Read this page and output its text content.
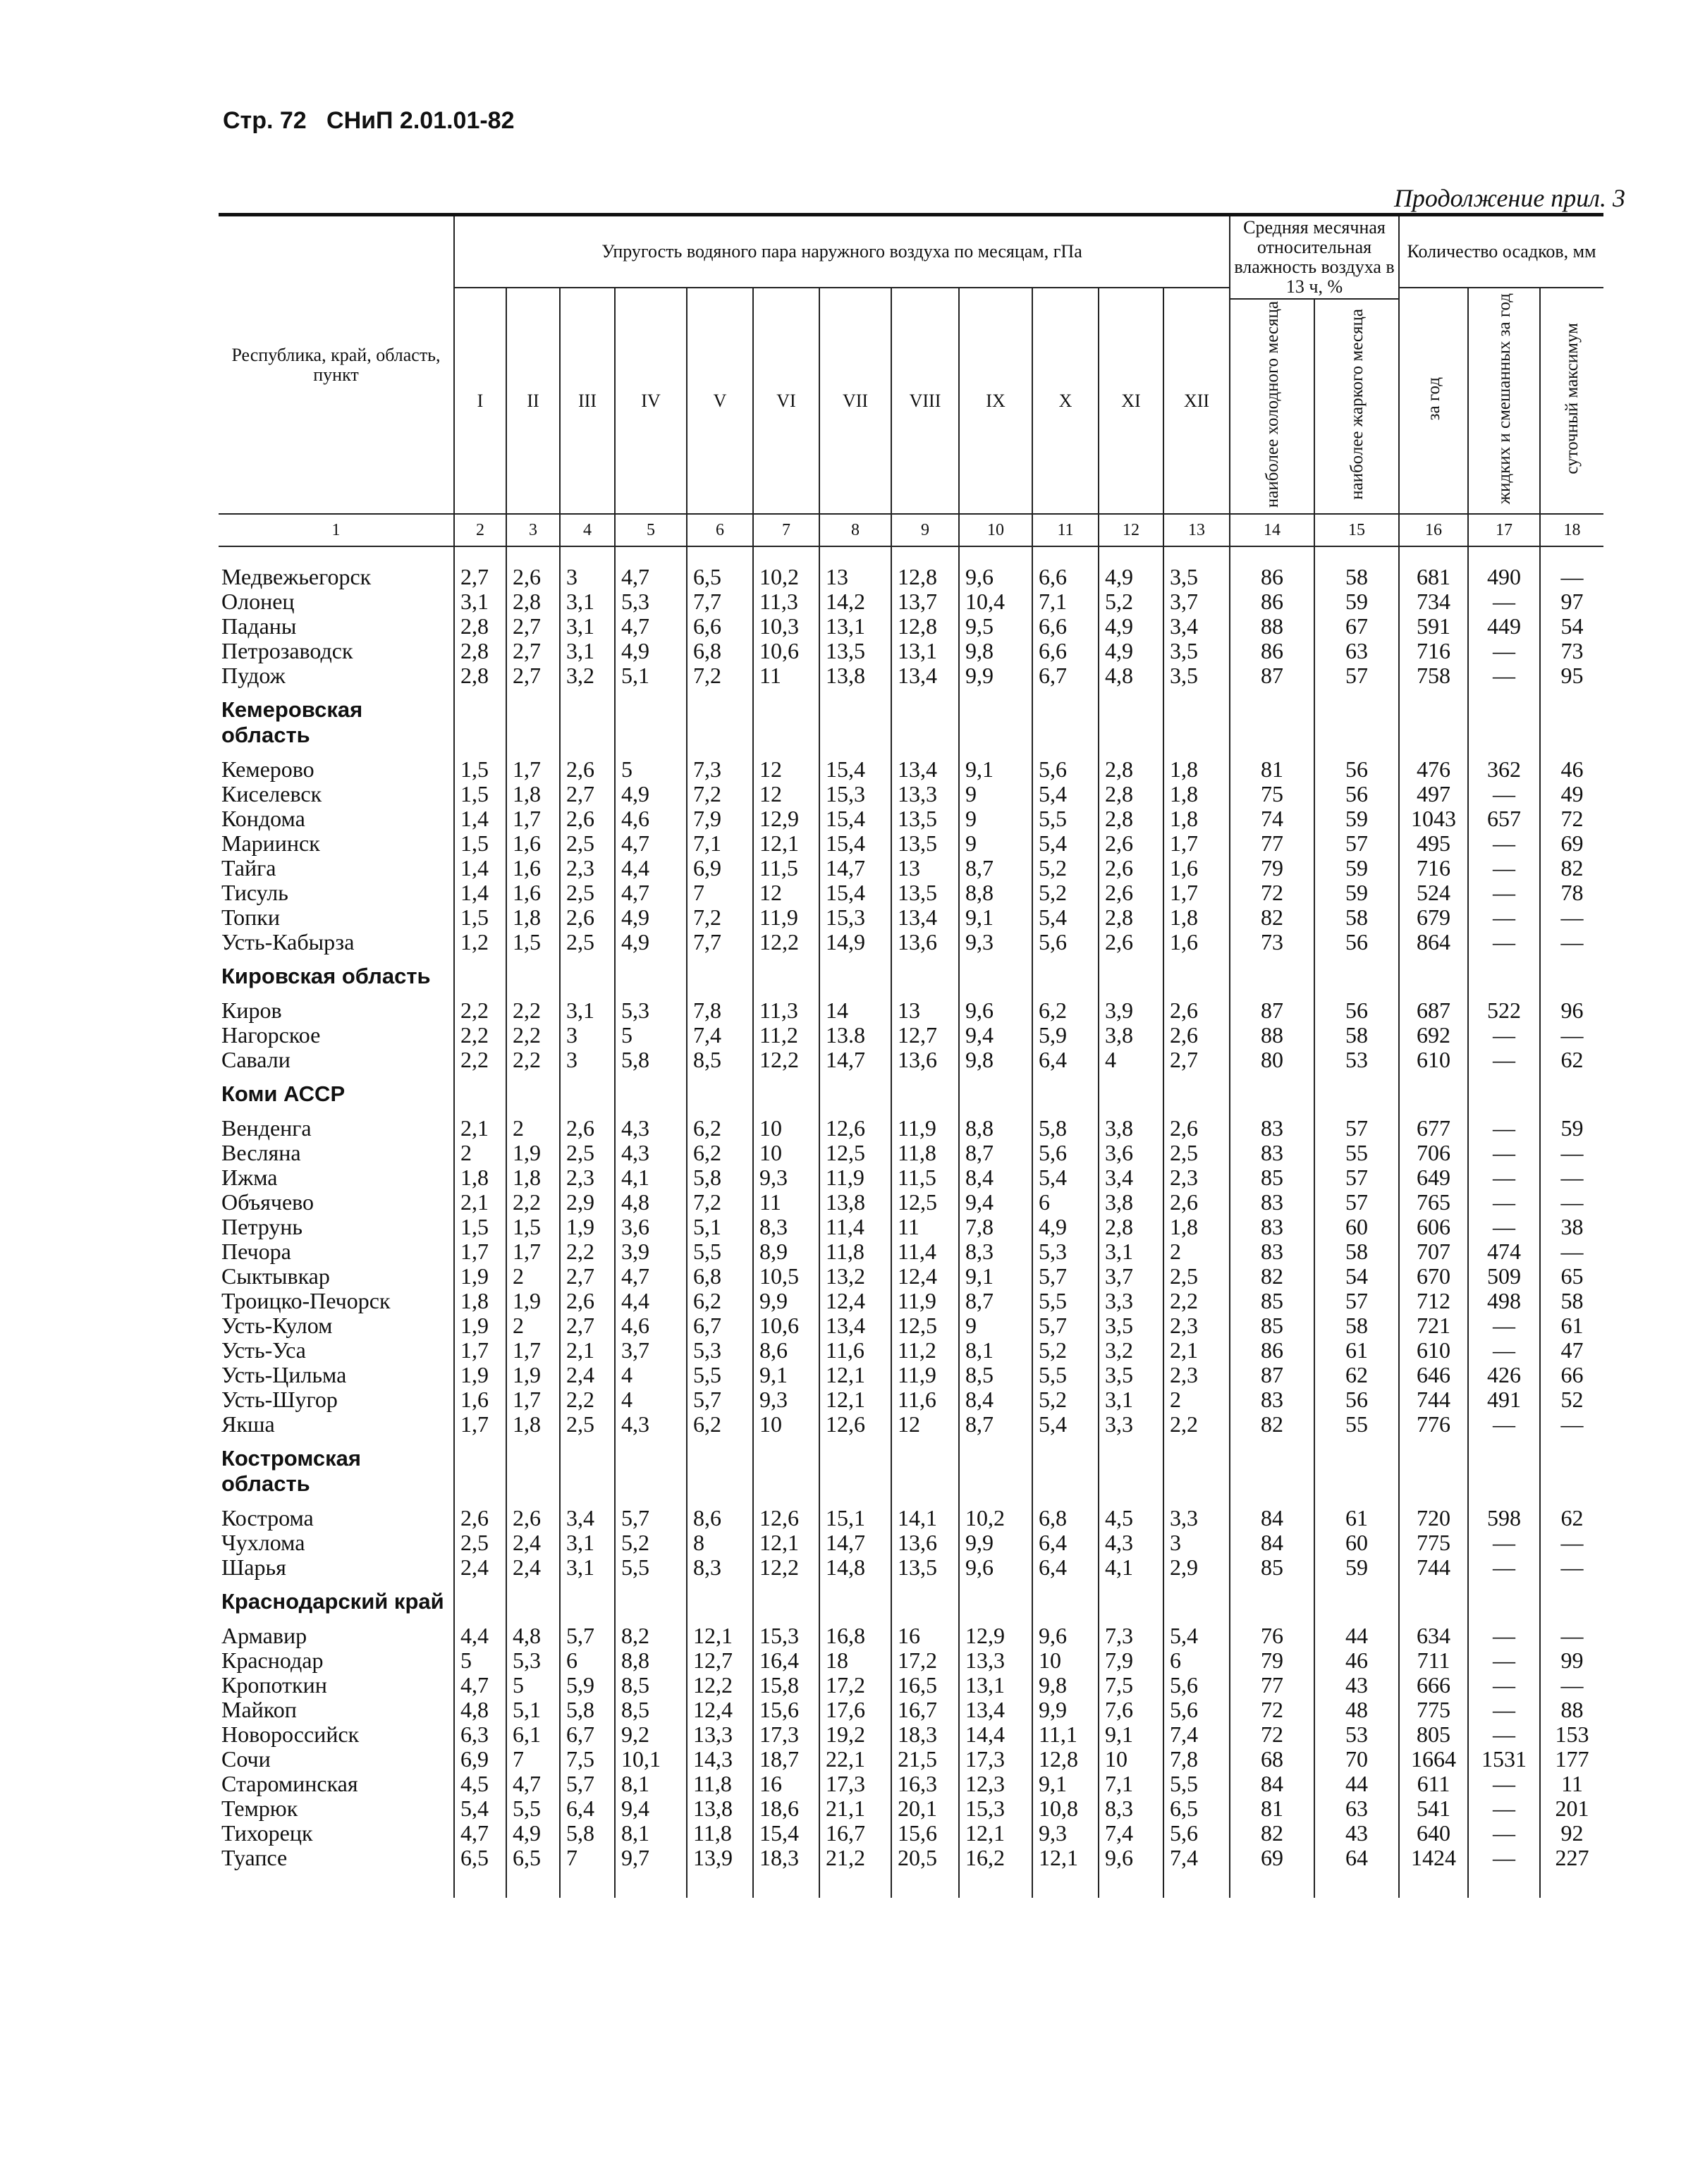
Стр. 72 СНиП 2.01.01-82
Продолжение прил. 3
Республика, край, область, пункт	Упругость водяного пара наружного воздуха по месяцам, гПа												Средняя месячная относительная влажность воздуха в 13 ч, %		Количество осадков, мм		
	I	II	III	IV	V	VI	VII	VIII	IX	X	XI	XII			за год	жидких и смешанных за год	суточный максимум
													наиболее холодного месяца	наиболее жаркого месяца			
1	2	3	4	5	6	7	8	9	10	11	12	13	14	15	16	17	18

Медвежьегорск	2,7	2,6	3	4,7	6,5	10,2	13	12,8	9,6	6,6	4,9	3,5	86	58	681	490	—
Олонец	3,1	2,8	3,1	5,3	7,7	11,3	14,2	13,7	10,4	7,1	5,2	3,7	86	59	734	—	97
Паданы	2,8	2,7	3,1	4,7	6,6	10,3	13,1	12,8	9,5	6,6	4,9	3,4	88	67	591	449	54
Петрозаводск	2,8	2,7	3,1	4,9	6,8	10,6	13,5	13,1	9,8	6,6	4,9	3,5	86	63	716	—	73
Пудож	2,8	2,7	3,2	5,1	7,2	11	13,8	13,4	9,9	6,7	4,8	3,5	87	57	758	—	95
Кемеровская область																	
Кемерово	1,5	1,7	2,6	5	7,3	12	15,4	13,4	9,1	5,6	2,8	1,8	81	56	476	362	46
Киселевск	1,5	1,8	2,7	4,9	7,2	12	15,3	13,3	9	5,4	2,8	1,8	75	56	497	—	49
Кондома	1,4	1,7	2,6	4,6	7,9	12,9	15,4	13,5	9	5,5	2,8	1,8	74	59	1043	657	72
Мариинск	1,5	1,6	2,5	4,7	7,1	12,1	15,4	13,5	9	5,4	2,6	1,7	77	57	495	—	69
Тайга	1,4	1,6	2,3	4,4	6,9	11,5	14,7	13	8,7	5,2	2,6	1,6	79	59	716	—	82
Тисуль	1,4	1,6	2,5	4,7	7	12	15,4	13,5	8,8	5,2	2,6	1,7	72	59	524	—	78
Топки	1,5	1,8	2,6	4,9	7,2	11,9	15,3	13,4	9,1	5,4	2,8	1,8	82	58	679	—	—
Усть-Кабырза	1,2	1,5	2,5	4,9	7,7	12,2	14,9	13,6	9,3	5,6	2,6	1,6	73	56	864	—	—
Кировская область																	
Киров	2,2	2,2	3,1	5,3	7,8	11,3	14	13	9,6	6,2	3,9	2,6	87	56	687	522	96
Нагорское	2,2	2,2	3	5	7,4	11,2	13.8	12,7	9,4	5,9	3,8	2,6	88	58	692	—	—
Савали	2,2	2,2	3	5,8	8,5	12,2	14,7	13,6	9,8	6,4	4	2,7	80	53	610	—	62
Коми АССР																	
Венденга	2,1	2	2,6	4,3	6,2	10	12,6	11,9	8,8	5,8	3,8	2,6	83	57	677	—	59
Весляна	2	1,9	2,5	4,3	6,2	10	12,5	11,8	8,7	5,6	3,6	2,5	83	55	706	—	—
Ижма	1,8	1,8	2,3	4,1	5,8	9,3	11,9	11,5	8,4	5,4	3,4	2,3	85	57	649	—	—
Объячево	2,1	2,2	2,9	4,8	7,2	11	13,8	12,5	9,4	6	3,8	2,6	83	57	765	—	—
Петрунь	1,5	1,5	1,9	3,6	5,1	8,3	11,4	11	7,8	4,9	2,8	1,8	83	60	606	—	38
Печора	1,7	1,7	2,2	3,9	5,5	8,9	11,8	11,4	8,3	5,3	3,1	2	83	58	707	474	—
Сыктывкар	1,9	2	2,7	4,7	6,8	10,5	13,2	12,4	9,1	5,7	3,7	2,5	82	54	670	509	65
Троицко-Печорск	1,8	1,9	2,6	4,4	6,2	9,9	12,4	11,9	8,7	5,5	3,3	2,2	85	57	712	498	58
Усть-Кулом	1,9	2	2,7	4,6	6,7	10,6	13,4	12,5	9	5,7	3,5	2,3	85	58	721	—	61
Усть-Уса	1,7	1,7	2,1	3,7	5,3	8,6	11,6	11,2	8,1	5,2	3,2	2,1	86	61	610	—	47
Усть-Цильма	1,9	1,9	2,4	4	5,5	9,1	12,1	11,9	8,5	5,5	3,5	2,3	87	62	646	426	66
Усть-Шугор	1,6	1,7	2,2	4	5,7	9,3	12,1	11,6	8,4	5,2	3,1	2	83	56	744	491	52
Якша	1,7	1,8	2,5	4,3	6,2	10	12,6	12	8,7	5,4	3,3	2,2	82	55	776	—	—
Костромская область																	
Кострома	2,6	2,6	3,4	5,7	8,6	12,6	15,1	14,1	10,2	6,8	4,5	3,3	84	61	720	598	62
Чухлома	2,5	2,4	3,1	5,2	8	12,1	14,7	13,6	9,9	6,4	4,3	3	84	60	775	—	—
Шарья	2,4	2,4	3,1	5,5	8,3	12,2	14,8	13,5	9,6	6,4	4,1	2,9	85	59	744	—	—
Краснодарский край																	
Армавир	4,4	4,8	5,7	8,2	12,1	15,3	16,8	16	12,9	9,6	7,3	5,4	76	44	634	—	—
Краснодар	5	5,3	6	8,8	12,7	16,4	18	17,2	13,3	10	7,9	6	79	46	711	—	99
Кропоткин	4,7	5	5,9	8,5	12,2	15,8	17,2	16,5	13,1	9,8	7,5	5,6	77	43	666	—	—
Майкоп	4,8	5,1	5,8	8,5	12,4	15,6	17,6	16,7	13,4	9,9	7,6	5,6	72	48	775	—	88
Новороссийск	6,3	6,1	6,7	9,2	13,3	17,3	19,2	18,3	14,4	11,1	9,1	7,4	72	53	805	—	153
Сочи	6,9	7	7,5	10,1	14,3	18,7	22,1	21,5	17,3	12,8	10	7,8	68	70	1664	1531	177
Староминская	4,5	4,7	5,7	8,1	11,8	16	17,3	16,3	12,3	9,1	7,1	5,5	84	44	611	—	11
Темрюк	5,4	5,5	6,4	9,4	13,8	18,6	21,1	20,1	15,3	10,8	8,3	6,5	81	63	541	—	201
Тихорецк	4,7	4,9	5,8	8,1	11,8	15,4	16,7	15,6	12,1	9,3	7,4	5,6	82	43	640	—	92
Туапсе	6,5	6,5	7	9,7	13,9	18,3	21,2	20,5	16,2	12,1	9,6	7,4	69	64	1424	—	227
